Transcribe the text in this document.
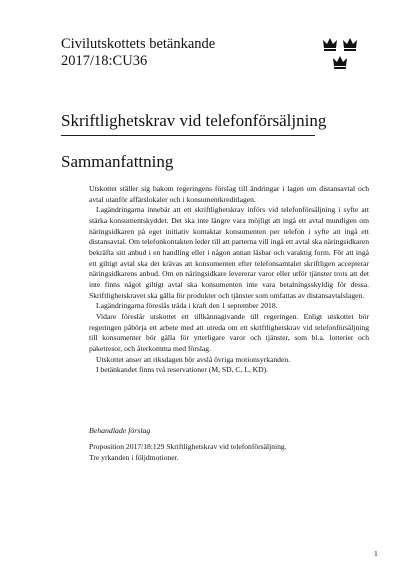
Civilutskottets betänkande
2017/18:CU36
Skriftlighetskrav vid telefonförsäljning
Sammanfattning

Utskottet ställer sig bakom regeringens förslag till ändringar i lagen om distansavtal och avtal utanför affärslokaler och i konsumentkreditlagen.

Lagändringarna innebär att ett skriftlighetskrav införs vid telefonförsäljning i syfte att stärka konsumentskyddet. Det ska inte längre vara möjligt att ingå ett avtal muntligen om näringsidkaren på eget initiativ kontaktar konsumenten per telefon i syfte att ingå ett distansavtal. Om telefonkontakten leder till att parterna vill ingå ett avtal ska näringsidkaren bekräfta sitt anbud i en handling eller i någon annan läsbar och varaktig form. För att ingå ett giltigt avtal ska det krävas att konsumenten efter telefonsamtalet skriftligen accepterar näringsidkarens anbud. Om en näringsidkare levererar varor eller utför tjänster trots att det inte finns något giltigt avtal ska konsumenten inte vara betalningsskyldig för dessa. Skriftlighetskravet ska gälla för produkter och tjänster som omfattas av distansavtalslagen.

Lagändringarna föreslås träda i kraft den 1 september 2018.

Vidare föreslår utskottet ett tillkännagivande till regeringen. Enligt utskottet bör regeringen påbörja ett arbete med att utreda om ett skriftlighetskrav vid telefonförsäljning till konsumenter bör gälla för ytterligare varor och tjänster, som bl.a. lotterier och paketresor, och återkomma med förslag.

Utskottet anser att riksdagen bör avslå övriga motionsyrkanden.

I betänkandet finns två reservationer (M, SD, C, L, KD).

Behandlade förslag

Proposition 2017/18:129 Skriftlighetskrav vid telefonförsäljning.

Tre yrkanden i följdmotioner.

1
